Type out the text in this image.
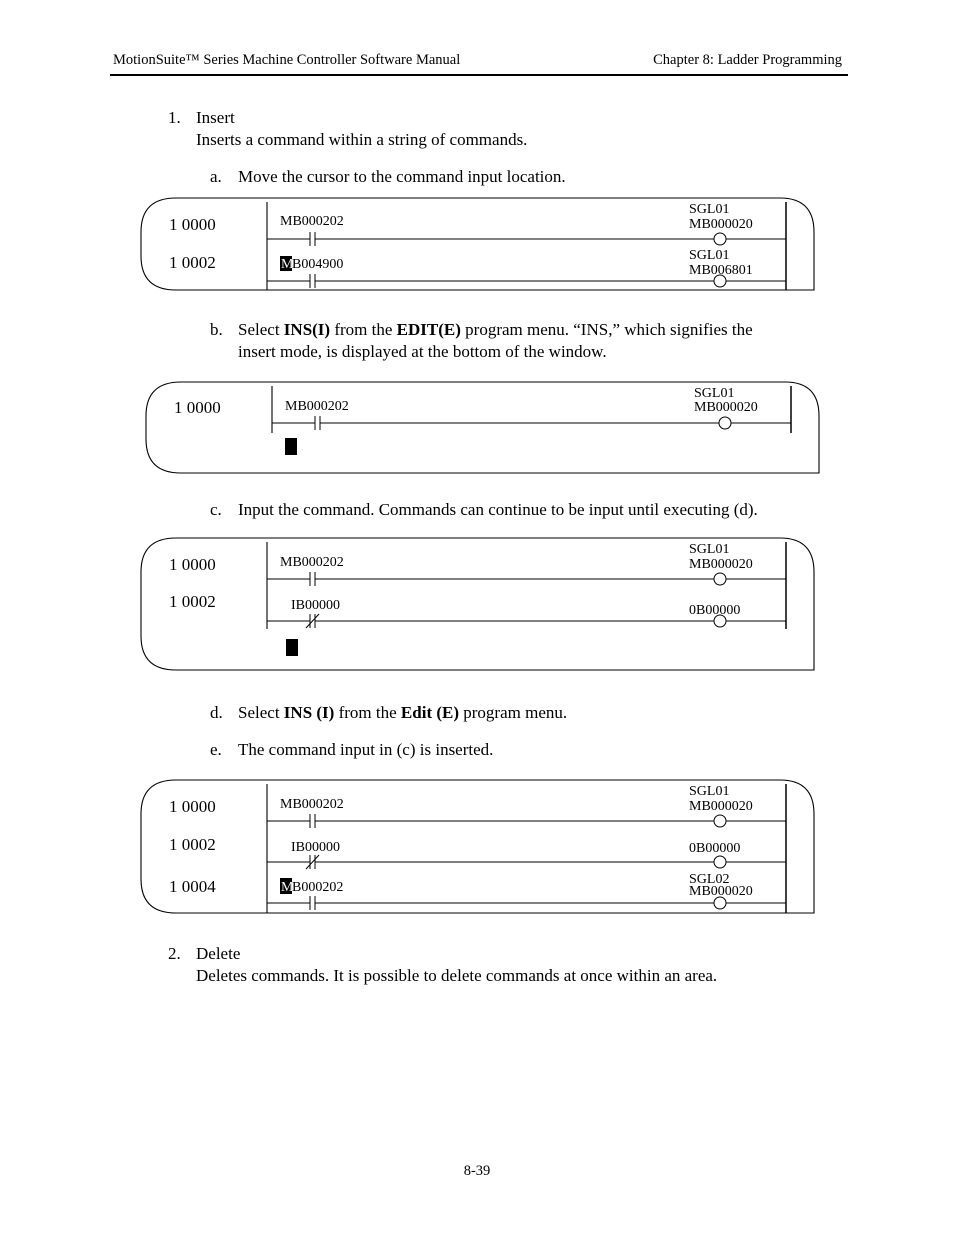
MotionSuite™ Series Machine Controller Software Manual	Chapter 8: Ladder Programming
1. Insert
Inserts a command within a string of commands.
a. Move the cursor to the command input location.
1 0000	MB000202
SGL01
MB000020
1 0002	M
B004900
SGL01
MB006801
b. Select INS(I) from the EDIT(E) program menu. “INS,” which signifies the
insert mode, is displayed at the bottom of the window.
1 0000	MB000202
SGL01
MB000020
c. Input the command. Commands can continue to be input until executing (d).
1 0000	MB000202
SGL01
MB000020
1 0002	IB00000	0B00000
d. Select INS (I) from the Edit (E) program menu.
e. The command input in (c) is inserted.
1 0000	MB000202
SGL01
MB000020
1 0002	IB00000	0B00000
1 0004	M
B000202
SGL02
MB000020
2. Delete
Deletes commands. It is possible to delete commands at once within an area.
8-39
